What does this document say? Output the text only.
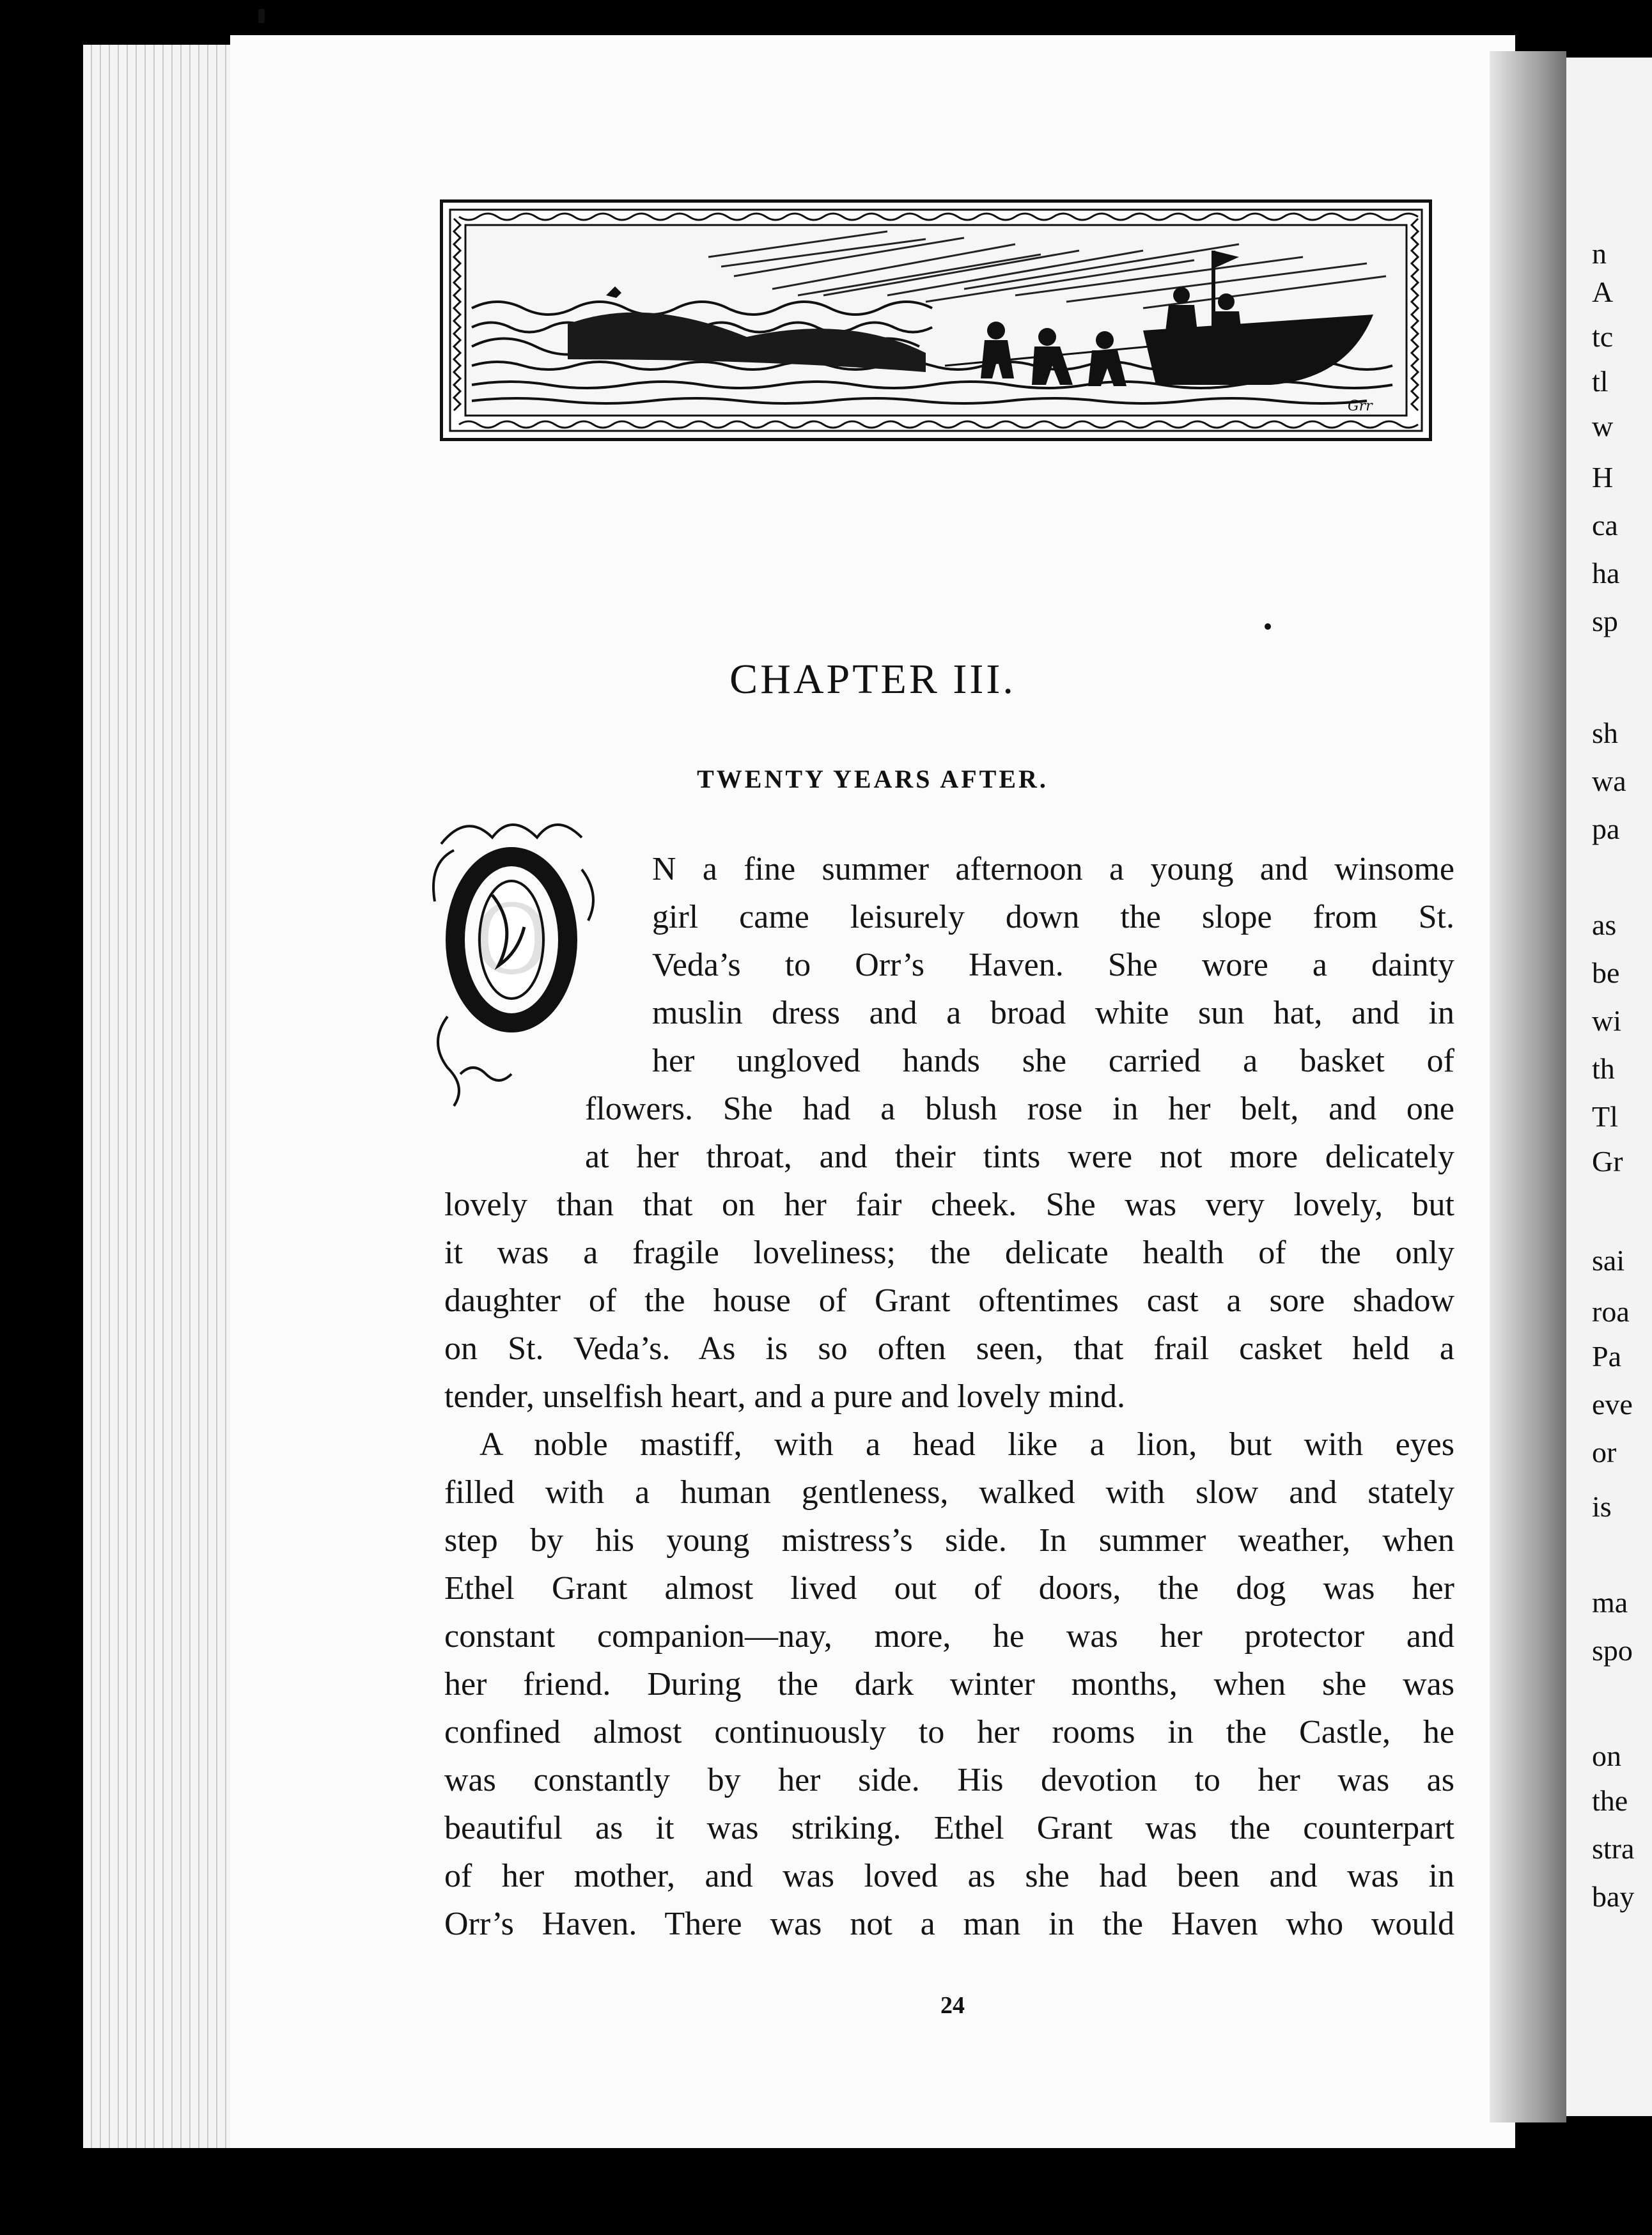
n
A
tc
tl
w
H
ca
ha
sp
sh
wa
pa
as
be
wi
th
Tl
Gr
sai
roa
Pa
eve
or
is
ma
spo
on
the
stra
bay
Grr
CHAPTER III.
TWENTY YEARS AFTER.
O
N a fine summer afternoon a young and winsome
girl came leisurely down the slope from St.
Veda’s to Orr’s Haven. She wore a dainty
muslin dress and a broad white sun hat, and in
her ungloved hands she carried a basket of
flowers. She had a blush rose in her belt, and one
at her throat, and their tints were not more delicately
lovely than that on her fair cheek. She was very lovely, but
it was a fragile loveliness; the delicate health of the only
daughter of the house of Grant oftentimes cast a sore shadow
on St. Veda’s. As is so often seen, that frail casket held a
tender, unselfish heart, and a pure and lovely mind.
A noble mastiff, with a head like a lion, but with eyes
filled with a human gentleness, walked with slow and stately
step by his young mistress’s side. In summer weather, when
Ethel Grant almost lived out of doors, the dog was her
constant companion—nay, more, he was her protector and
her friend. During the dark winter months, when she was
confined almost continuously to her rooms in the Castle, he
was constantly by her side. His devotion to her was as
beautiful as it was striking. Ethel Grant was the counterpart
of her mother, and was loved as she had been and was in
Orr’s Haven. There was not a man in the Haven who would
24
